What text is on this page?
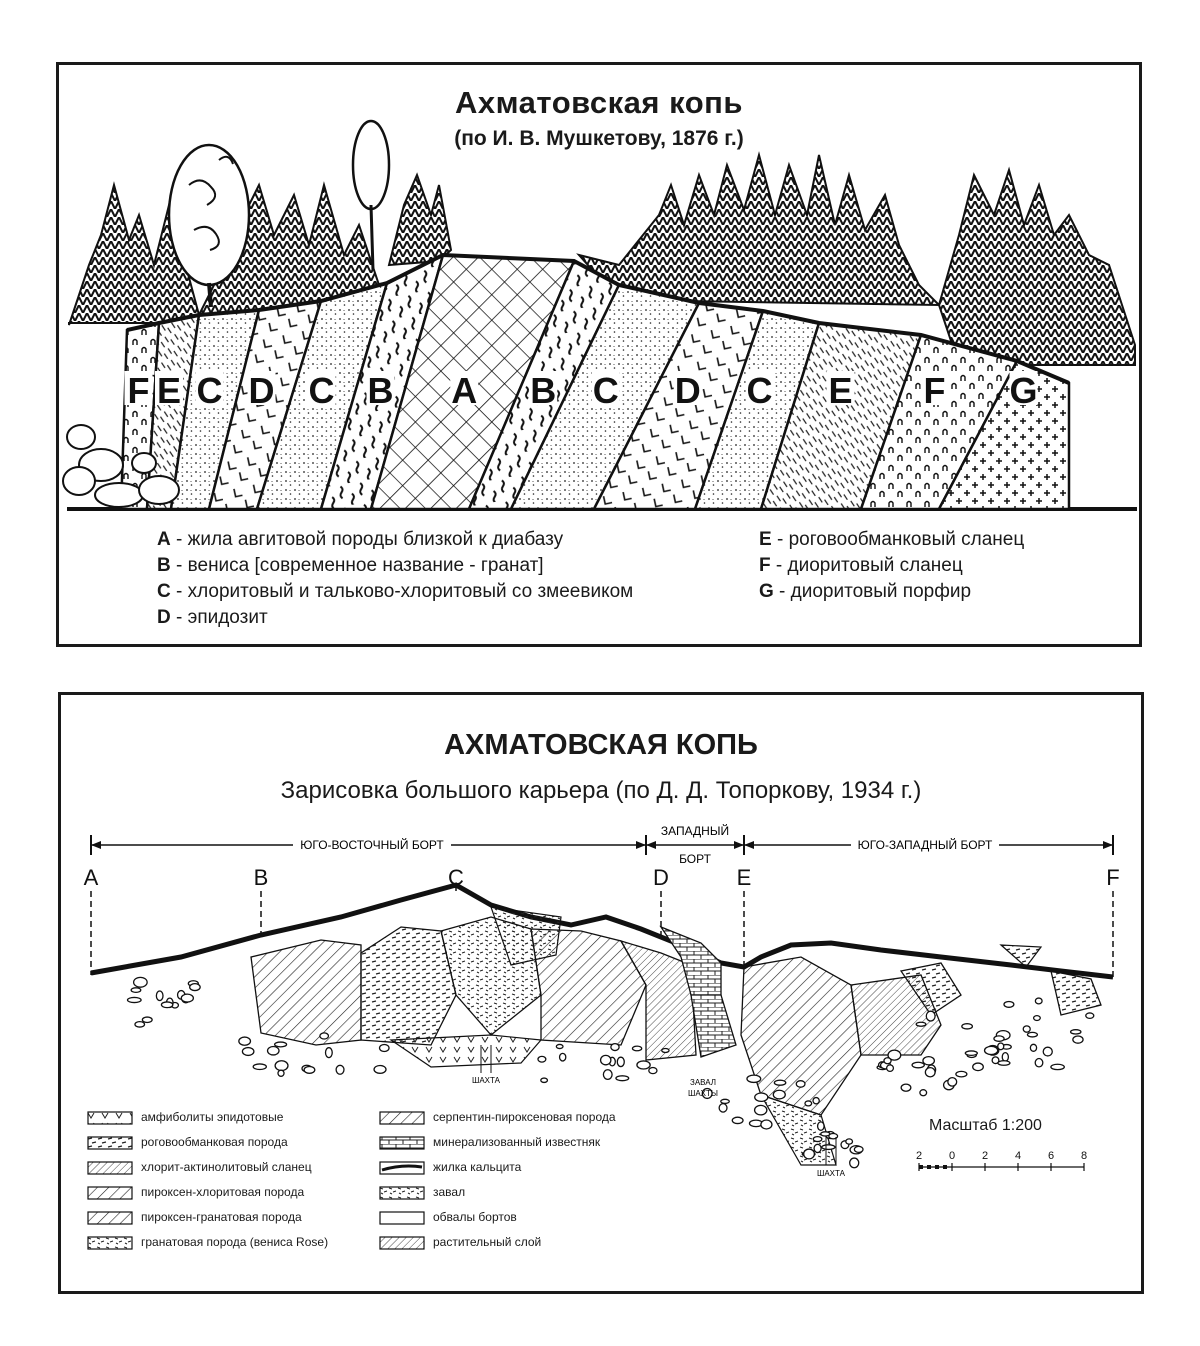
Ахматовская копь
(по И. В. Мушкетову, 1876 г.)
F E C D C B A B C D C E F G
A - жила авгитовой породы близкой к диабазу
B - вениса [современное название - гранат]
C - хлоритовый и тальково-хлоритовый со змеевиком
D - эпидозит
E - роговообманковый сланец
F - диоритовый сланец
G - диоритовый порфир
АХМАТОВСКАЯ КОПЬ
Зарисовка большого карьера (по Д. Д. Топоркову, 1934 г.)
ЮГО-ВОСТОЧНЫЙ БОРТ
ЗАПАДНЫЙ
БОРТ
ЮГО-ЗАПАДНЫЙ БОРТ
A	B	C	D	E	F
ШАХТА	ЗАВАЛ
ШАХТЫ
ШАХТА
2 0 2 4 6 8
Масштаб 1:200
амфиболиты эпидотовые
роговообманковая порода
хлорит-актинолитовый сланец
пироксен-хлоритовая порода
пироксен-гранатовая порода
гранатовая порода (вениса Rose)
серпентин-пироксеновая порода
минерализованный известняк
жилка кальцита
завал
обвалы бортов
растительный слой
